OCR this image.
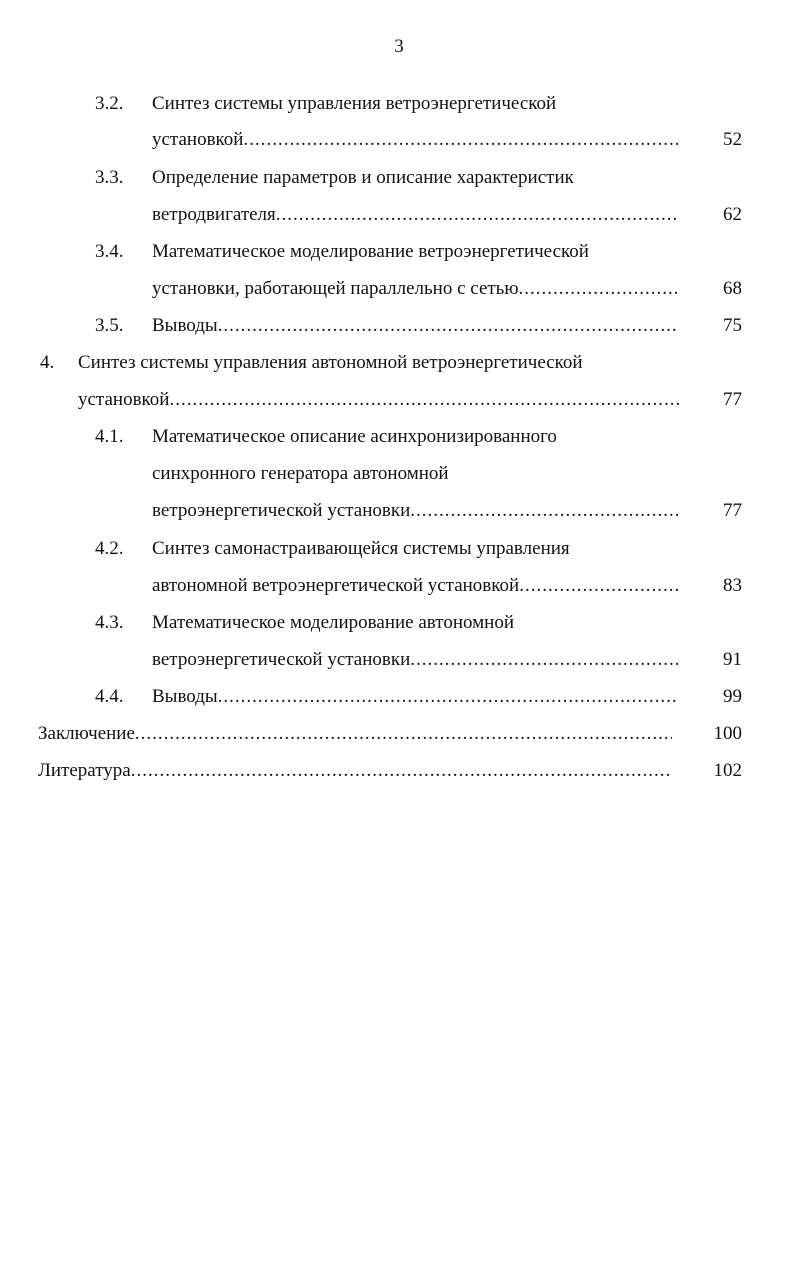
3
3.2. Синтез системы управления ветроэнергетической
установкой .....	52
3.3. Определение параметров и описание характеристик
ветродвигателя .....	62
3.4. Математическое моделирование ветроэнергетической
установки, работающей параллельно с сетью .....	68
3.5. Выводы .....	75
4. Синтез системы управления автономной ветроэнергетической
установкой .....	77
4.1. Математическое описание асинхронизированного
синхронного генератора автономной
ветроэнергетической установки .....	77
4.2. Синтез самонастраивающейся системы управления
автономной ветроэнергетической установкой .....	83
4.3. Математическое моделирование автономной
ветроэнергетической установки .....	91
4.4. Выводы .....	99
Заключение .....	100
Литература .....	102
